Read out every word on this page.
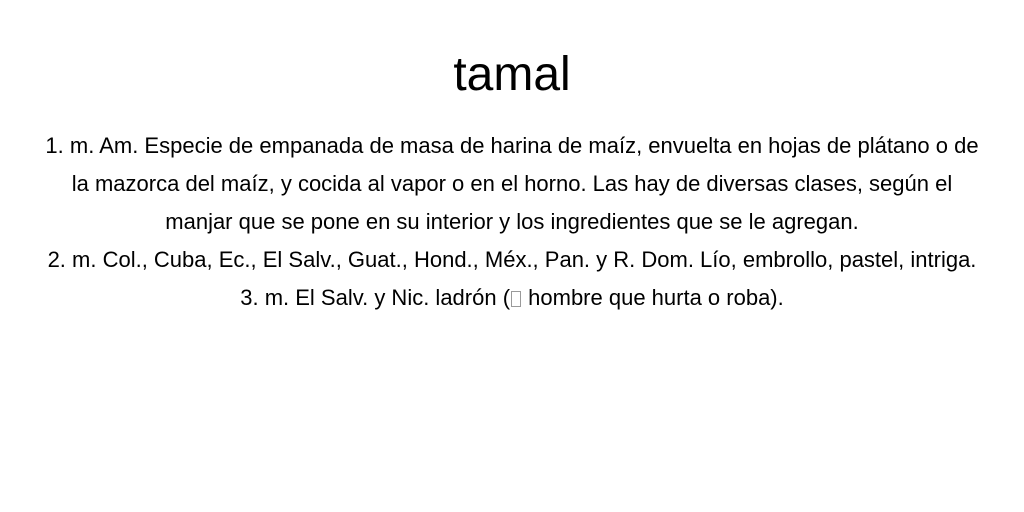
tamal
1. m. Am. Especie de empanada de masa de harina de maíz, envuelta en hojas de plátano o de la mazorca del maíz, y cocida al vapor o en el horno. Las hay de diversas clases, según el manjar que se pone en su interior y los ingredientes que se le agregan.
2. m. Col., Cuba, Ec., El Salv., Guat., Hond., Méx., Pan. y R. Dom. Lío, embrollo, pastel, intriga.
3. m. El Salv. y Nic. ladrón ( hombre que hurta o roba).
